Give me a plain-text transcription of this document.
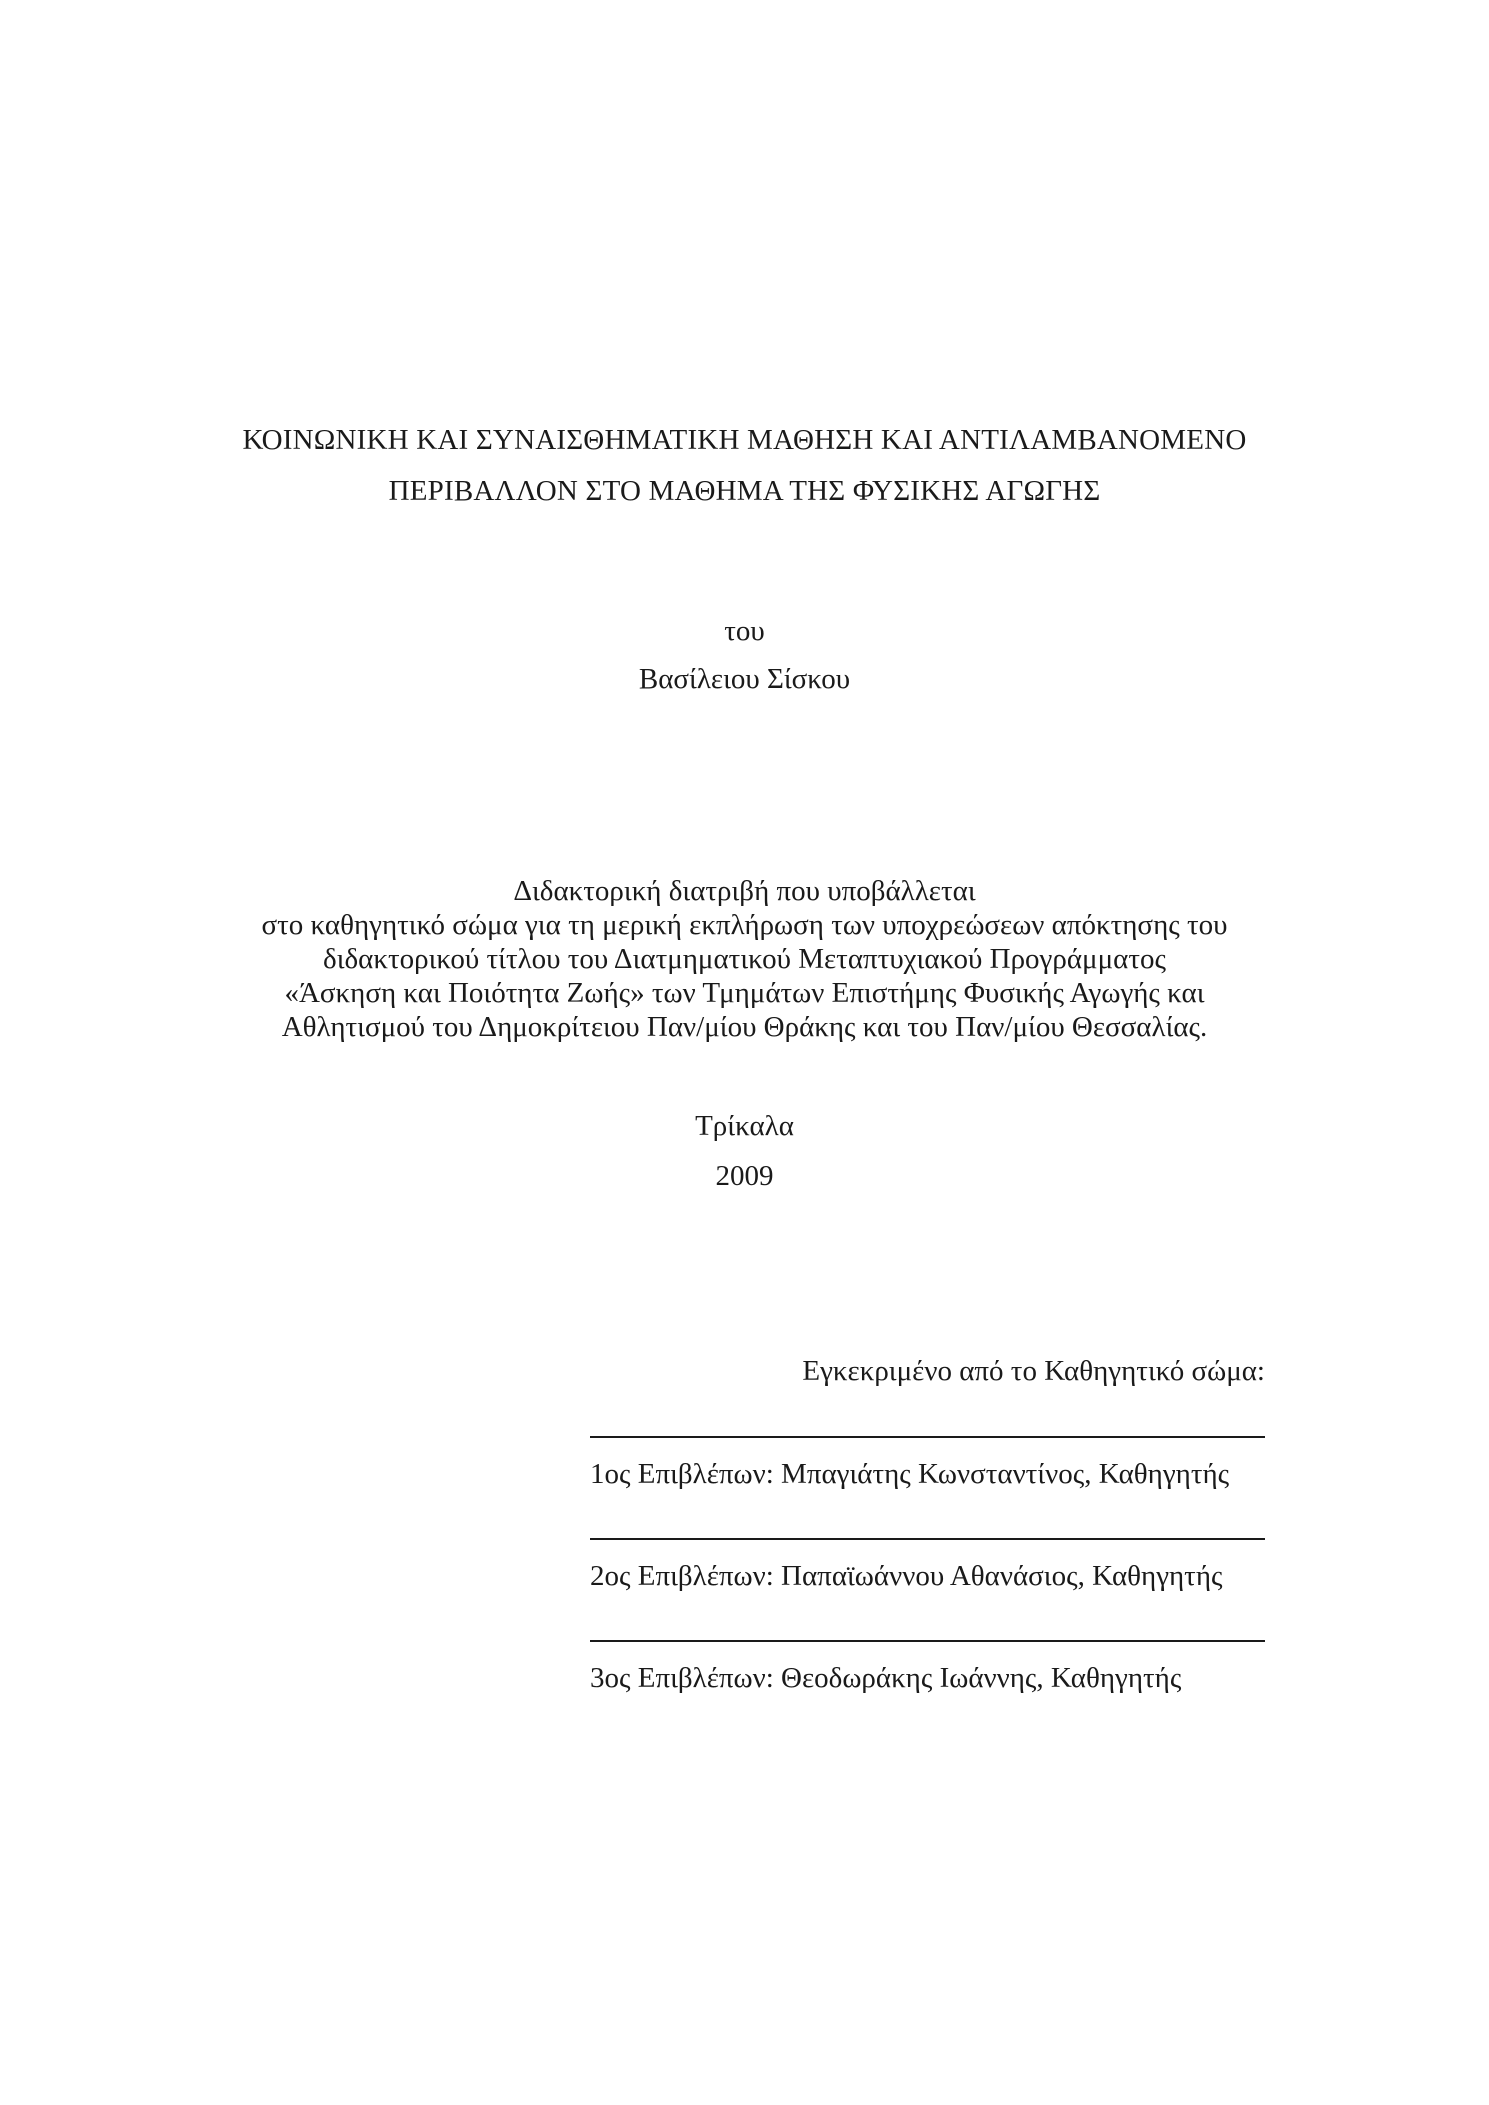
ΚΟΙΝΩΝΙΚΗ ΚΑΙ ΣΥΝΑΙΣΘΗΜΑΤΙΚΗ ΜΑΘΗΣΗ ΚΑΙ ΑΝΤΙΛΑΜΒΑΝΟΜΕΝΟ
ΠΕΡΙΒΑΛΛΟΝ ΣΤΟ ΜΑΘΗΜΑ ΤΗΣ ΦΥΣΙΚΗΣ ΑΓΩΓΗΣ
του
Βασίλειου Σίσκου
Διδακτορική διατριβή που υποβάλλεται
στο καθηγητικό σώμα για τη μερική εκπλήρωση των υποχρεώσεων απόκτησης του
διδακτορικού τίτλου του Διατμηματικού Μεταπτυχιακού Προγράμματος
«Άσκηση και Ποιότητα Ζωής» των Τμημάτων Επιστήμης Φυσικής Αγωγής και
Αθλητισμού του Δημοκρίτειου Παν/μίου Θράκης και του Παν/μίου Θεσσαλίας.
Τρίκαλα
2009
Εγκεκριμένο από το Καθηγητικό σώμα:
1ος Επιβλέπων: Μπαγιάτης Κωνσταντίνος, Καθηγητής
2ος Επιβλέπων: Παπαϊωάννου Αθανάσιος, Καθηγητής
3ος Επιβλέπων: Θεοδωράκης Ιωάννης, Καθηγητής
